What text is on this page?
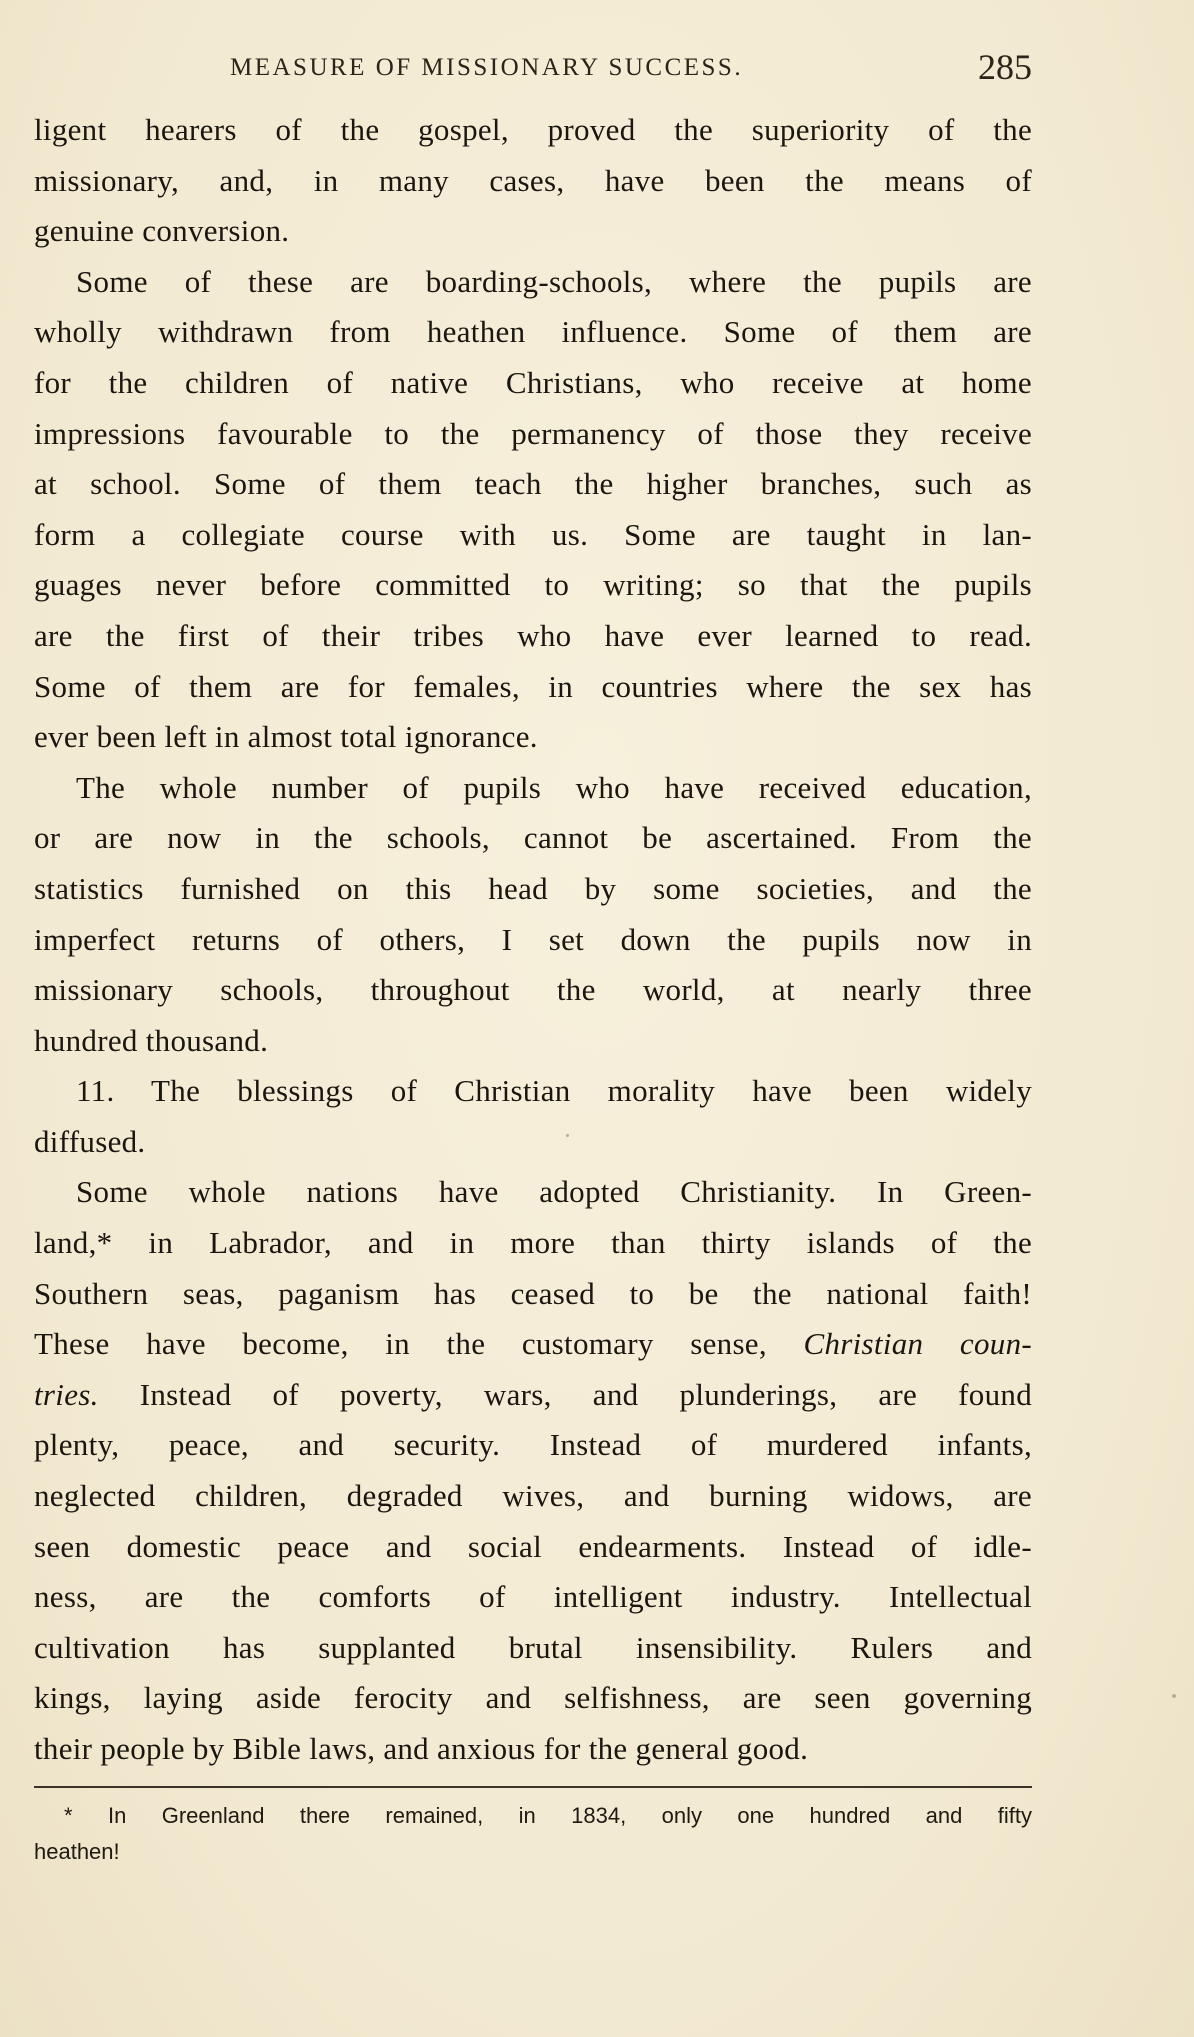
MEASURE OF MISSIONARY SUCCESS.	285
ligent hearers of the gospel, proved the superiority of the
missionary, and, in many cases, have been the means of
genuine conversion.
Some of these are boarding-schools, where the pupils are
wholly withdrawn from heathen influence. Some of them are
for the children of native Christians, who receive at home
impressions favourable to the permanency of those they receive
at school. Some of them teach the higher branches, such as
form a collegiate course with us. Some are taught in lan-
guages never before committed to writing; so that the pupils
are the first of their tribes who have ever learned to read.
Some of them are for females, in countries where the sex has
ever been left in almost total ignorance.
The whole number of pupils who have received education,
or are now in the schools, cannot be ascertained. From the
statistics furnished on this head by some societies, and the
imperfect returns of others, I set down the pupils now in
missionary schools, throughout the world, at nearly three
hundred thousand.
11. The blessings of Christian morality have been widely
diffused.
Some whole nations have adopted Christianity. In Green-
land,* in Labrador, and in more than thirty islands of the
Southern seas, paganism has ceased to be the national faith!
These have become, in the customary sense, Christian coun-
tries. Instead of poverty, wars, and plunderings, are found
plenty, peace, and security. Instead of murdered infants,
neglected children, degraded wives, and burning widows, are
seen domestic peace and social endearments. Instead of idle-
ness, are the comforts of intelligent industry. Intellectual
cultivation has supplanted brutal insensibility. Rulers and
kings, laying aside ferocity and selfishness, are seen governing
their people by Bible laws, and anxious for the general good.
* In Greenland there remained, in 1834, only one hundred and fifty
heathen!
